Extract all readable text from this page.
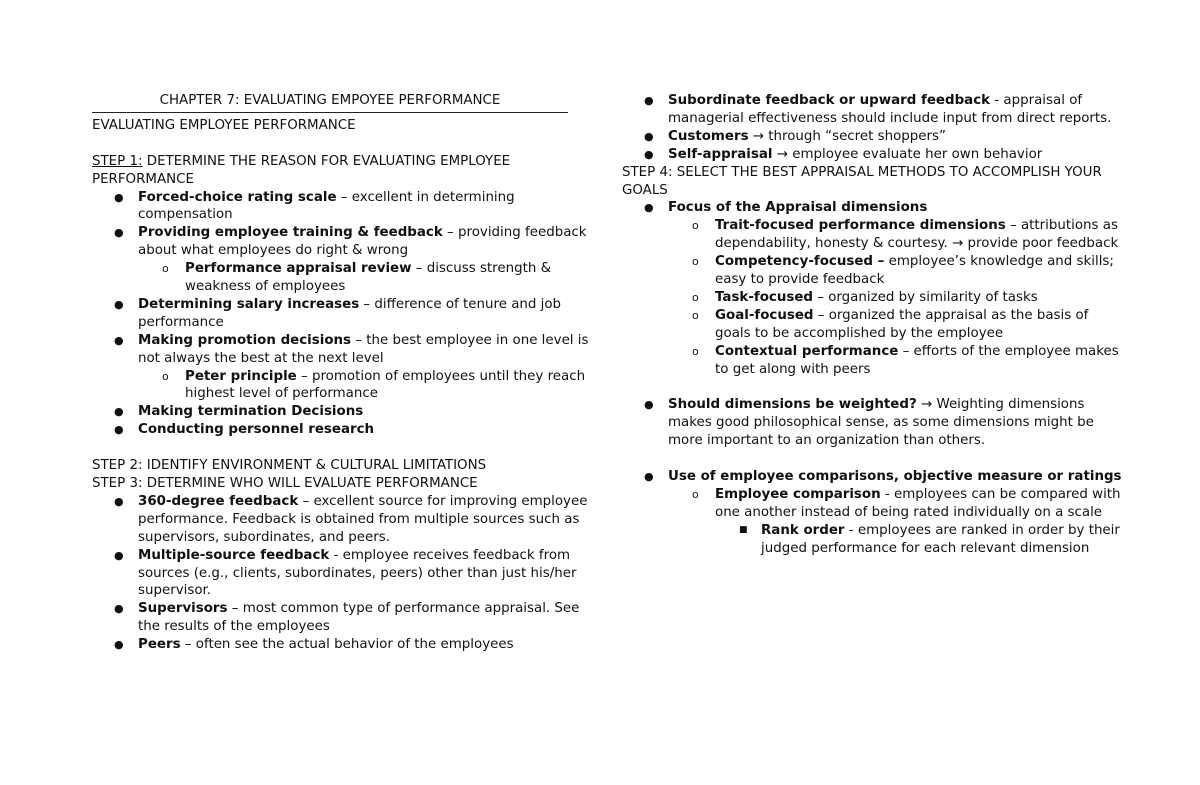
CHAPTER 7: EVALUATING EMPOYEE PERFORMANCE
EVALUATING EMPLOYEE PERFORMANCE
STEP 1: DETERMINE THE REASON FOR EVALUATING EMPLOYEE PERFORMANCE
● Forced-choice rating scale – excellent in determining compensation
● Providing employee training & feedback – providing feedback about what employees do right & wrong
o Performance appraisal review – discuss strength & weakness of employees
● Determining salary increases – difference of tenure and job performance
● Making promotion decisions – the best employee in one level is not always the best at the next level
o Peter principle – promotion of employees until they reach highest level of performance
● Making termination Decisions
● Conducting personnel research
STEP 2: IDENTIFY ENVIRONMENT & CULTURAL LIMITATIONS
STEP 3: DETERMINE WHO WILL EVALUATE PERFORMANCE
● 360-degree feedback – excellent source for improving employee performance. Feedback is obtained from multiple sources such as supervisors, subordinates, and peers.
● Multiple-source feedback - employee receives feedback from sources (e.g., clients, subordinates, peers) other than just his/her supervisor.
● Supervisors – most common type of performance appraisal. See the results of the employees
● Peers – often see the actual behavior of the employees
● Subordinate feedback or upward feedback - appraisal of managerial effectiveness should include input from direct reports.
● Customers → through “secret shoppers”
● Self-appraisal → employee evaluate her own behavior
STEP 4: SELECT THE BEST APPRAISAL METHODS TO ACCOMPLISH YOUR GOALS
● Focus of the Appraisal dimensions
o Trait-focused performance dimensions – attributions as dependability, honesty & courtesy. → provide poor feedback
o Competency-focused – employee’s knowledge and skills; easy to provide feedback
o Task-focused – organized by similarity of tasks
o Goal-focused – organized the appraisal as the basis of goals to be accomplished by the employee
o Contextual performance – efforts of the employee makes to get along with peers
● Should dimensions be weighted? → Weighting dimensions makes good philosophical sense, as some dimensions might be more important to an organization than others.
● Use of employee comparisons, objective measure or ratings
o Employee comparison - employees can be compared with one another instead of being rated individually on a scale
■ Rank order - employees are ranked in order by their judged performance for each relevant dimension
